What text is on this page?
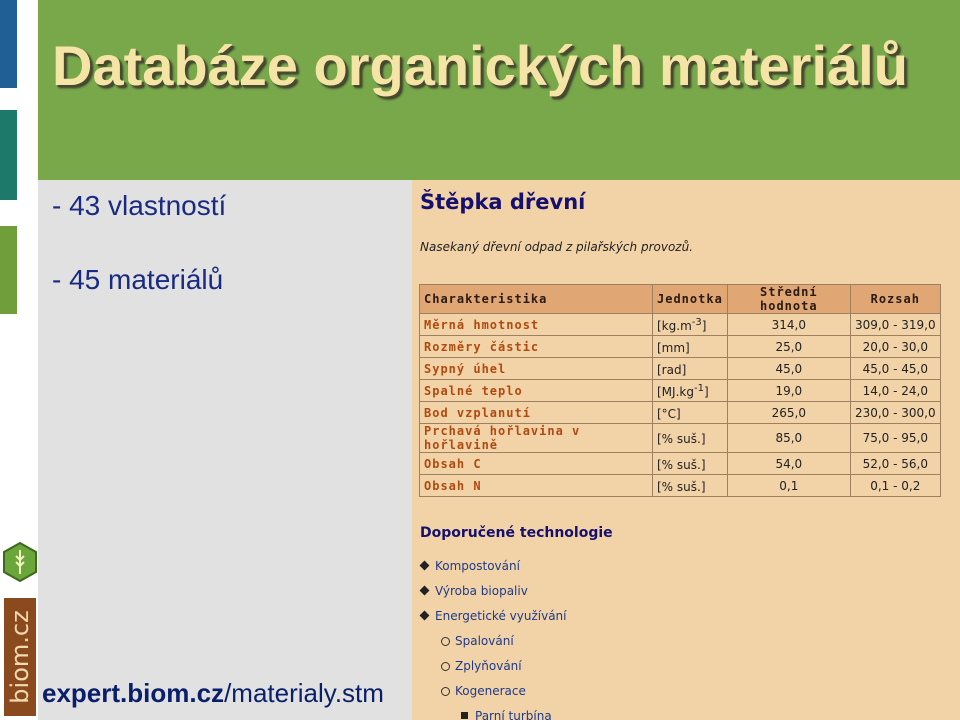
biom.cz
Databáze organických materiálů
- 43 vlastností
- 45 materiálů
expert.biom.cz/materialy.stm
Štěpka dřevní
Nasekaný dřevní odpad z pilařských provozů.
Charakteristika	Jednotka	Střední hodnota	Rozsah
Měrná hmotnost	$[kg.m^{-3}]$	314,0	309,0 - 319,0
Rozměry částic	[mm]	25,0	20,0 - 30,0
Sypný úhel	[rad]	45,0	45,0 - 45,0
Spalné teplo	$[MJ.kg^{-1}]$	19,0	14,0 - 24,0
Bod vzplanutí	[°C]	265,0	230,0 - 300,0
Prchavá hořlavina v hořlavině	[% suš.]	85,0	75,0 - 95,0
Obsah C	[% suš.]	54,0	52,0 - 56,0
Obsah N	[% suš.]	0,1	0,1 - 0,2
Doporučené technologie
Kompostování
Výroba biopaliv
Energetické využívání
Spalování
Zplyňování
Kogenerace
Parní turbína
